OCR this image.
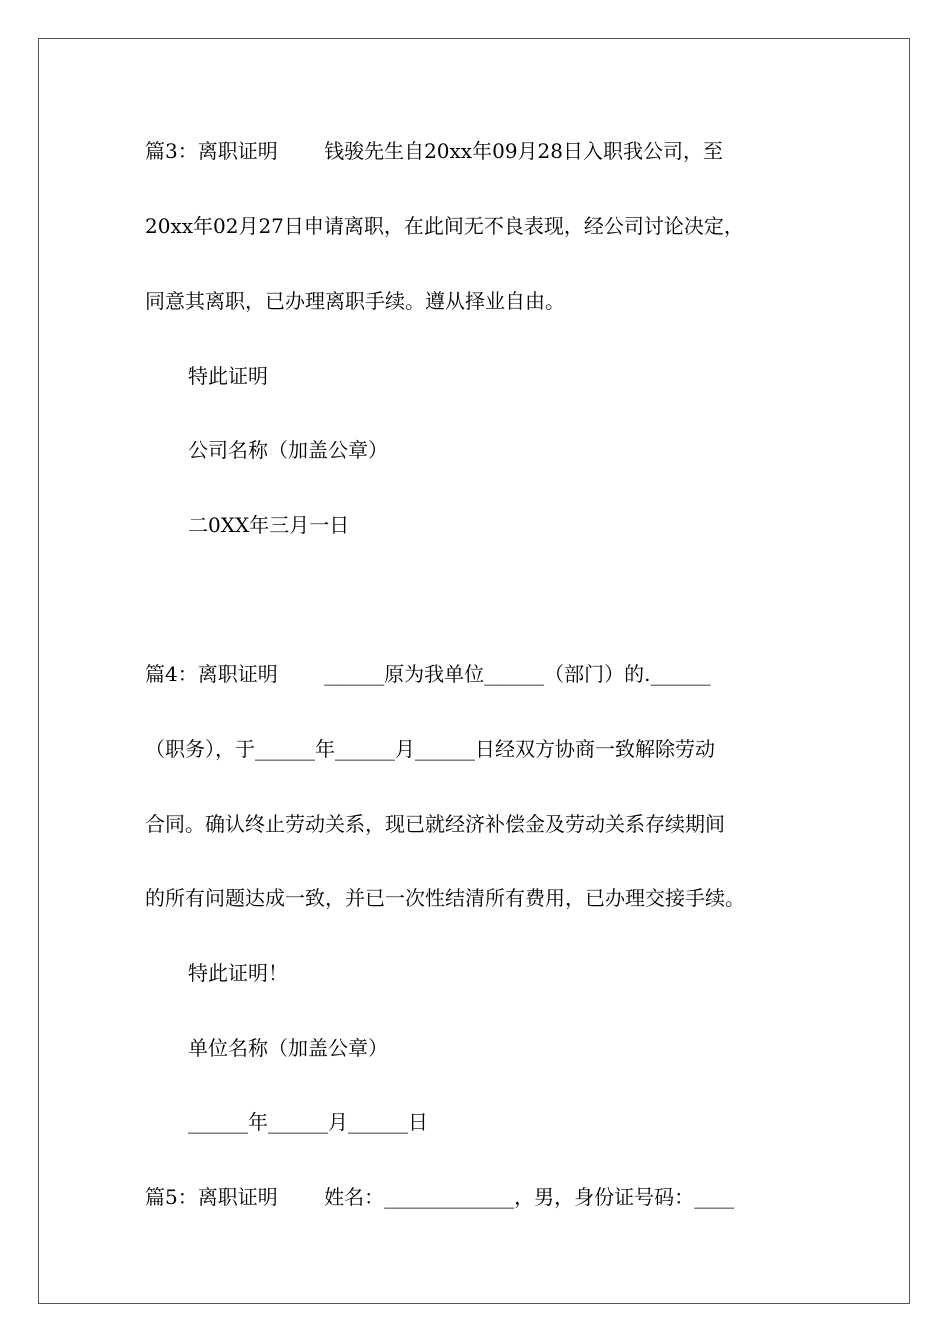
篇3：离职证明　　 钱骏先生自20xx年09月28日入职我公司，至
20xx年02月27日申请离职，在此间无不良表现，经公司讨论决定，
同意其离职，已办理离职手续。遵从择业自由。
特此证明
公司名称（加盖公章）
二0XX年三月一日
篇4：离职证明　　 ______原为我单位______（部门）的.______
（职务），于______年______月______日经双方协商一致解除劳动
合同。确认终止劳动关系，现已就经济补偿金及劳动关系存续期间
的所有问题达成一致，并已一次性结清所有费用，已办理交接手续。
特此证明！
单位名称（加盖公章）
______年______月______日
篇5：离职证明　　 姓名：_____________，男，身份证号码：____
